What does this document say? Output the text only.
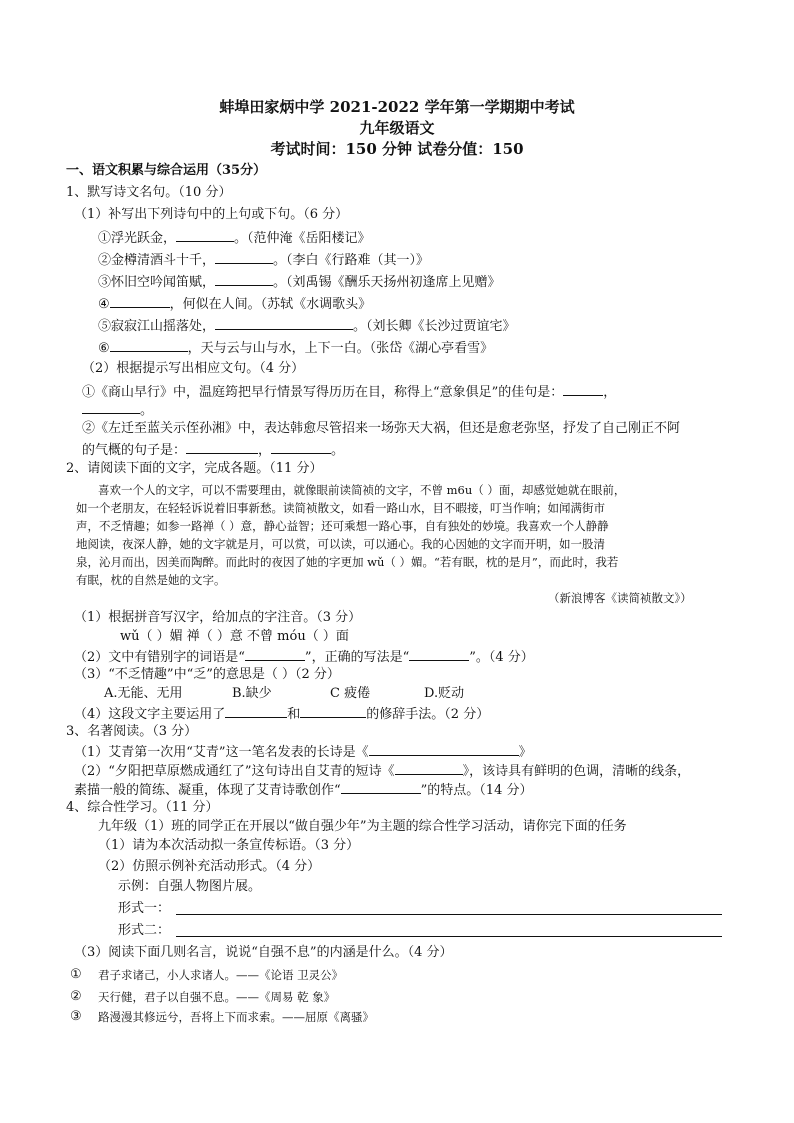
蚌埠田家炳中学 2021-2022 学年第一学期期中考试
九年级语文
考试时间：150 分钟 试卷分值：150
一、语文积累与综合运用（35分）
1、默写诗文名句。（10 分）
（1）补写出下列诗句中的上句或下句。（6 分）
①浮光跃金，	。（范仲淹《岳阳楼记》
②金樽清酒斗十千，	。（李白《行路难（其一）》
③怀旧空吟闻笛赋，	。（刘禹锡《酬乐天扬州初逢席上见赠》
④	，何似在人间。（苏轼《水调歌头》
⑤寂寂江山摇落处，	。（刘长卿《长沙过贾谊宅》
⑥	，天与云与山与水，上下一白。（张岱《湖心亭看雪》
（2）根据提示写出相应文句。（4 分）
①《商山早行》中，温庭筠把早行情景写得历历在目，称得上“意象俱足”的佳句是：	，
。
②《左迁至蓝关示侄孙湘》中，表达韩愈尽管招来一场弥天大祸，但还是愈老弥坚，抒发了自己刚正不阿
的气概的句子是：	，	。
2、请阅读下面的文字，完成各题。（11 分）
喜欢一个人的文字，可以不需要理由，就像眼前读简祯的文字，不曾 m6u（ ）面，却感觉她就在眼前，
如一个老朋友，在轻轻诉说着旧事新愁。读简祯散文，如看一路山水，目不暇接，叮当作响；如闻满街市
声，不乏情趣；如参一路禅（ ）意，静心益智；还可乘想一路心事，自有独处的妙境。我喜欢一个人静静
地阅读，夜深人静，她的文字就是月，可以赏，可以读，可以通心。我的心因她的文字而开明，如一股清
泉，沁月而出，因美而陶醉。而此时的夜因了她的字更加 wǔ（ ）媚。“若有眠，枕的是月”，而此时，我若
有眠，枕的自然是她的文字。
（新浪博客《读简祯散文》）
（1）根据拼音写汉字，给加点的字注音。（3 分）
wǔ（ ）媚 禅（ ）意 不曾 móu（ ）面
（2）文中有错别字的词语是“	”，正确的写法是“	”。（4 分）
（3）“不乏情趣”中“乏”的意思是（ ）（2 分）
A.无能、无用	B.缺少	C 疲倦	D.贬动
（4）这段文字主要运用了	和	的修辞手法。（2 分）
3、名著阅读。（3 分）
（1）艾青第一次用“艾青”这一笔名发表的长诗是《	》
（2）“夕阳把草原燃成通红了”这句诗出自艾青的短诗《	》，该诗具有鲜明的色调，清晰的线条，
素描一般的简练、凝重，体现了艾青诗歌创作“	”的特点。（14 分）
4、综合性学习。（11 分）
九年级（1）班的同学正在开展以“做自强少年”为主题的综合性学习活动，请你完下面的任务
（1）请为本次活动拟一条宣传标语。（3 分）
（2）仿照示例补充活动形式。（4 分）
示例：自强人物图片展。
形式一：
形式二：
（3）阅读下面几则名言，说说“自强不息”的内涵是什么。（4 分）
① 君子求诸己，小人求诸人。——《论语 卫灵公》
② 天行健，君子以自强不息。——《周易 乾 象》
③ 路漫漫其修远兮，吾将上下而求索。——屈原《离骚》
